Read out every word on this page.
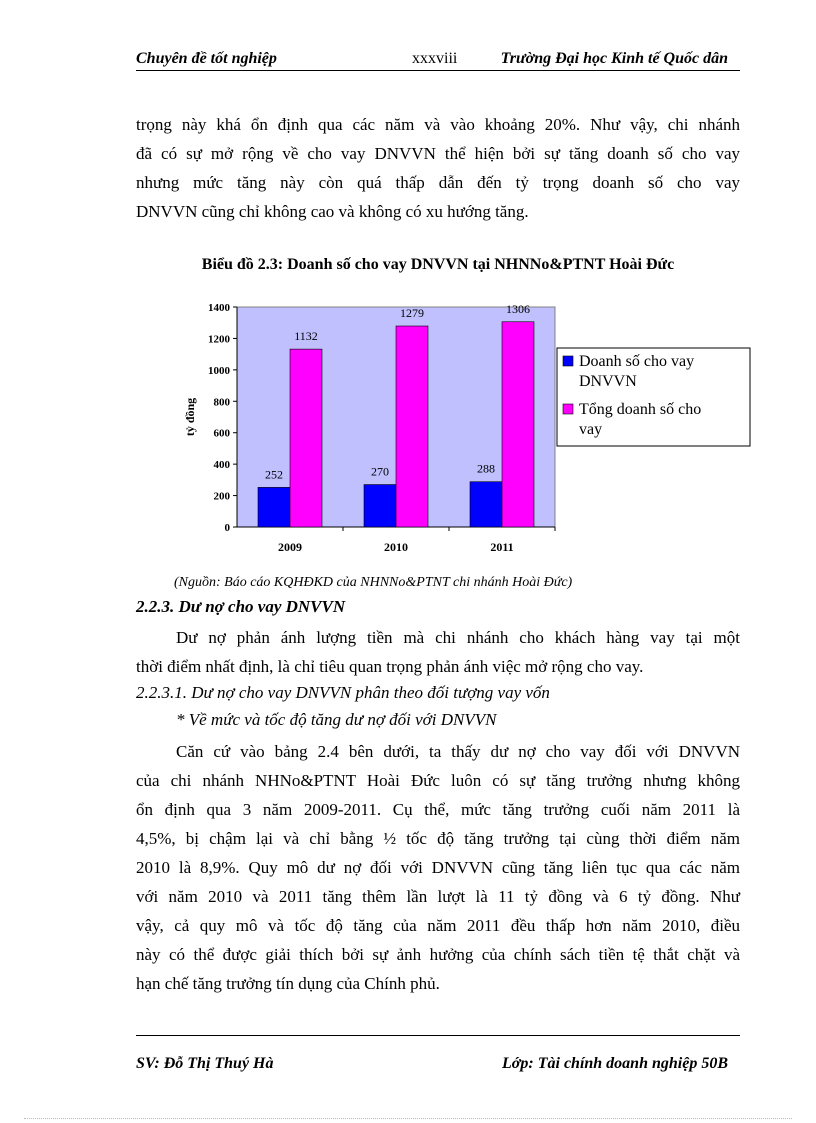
Chuyên đề tốt nghiệp	xxxviii	Trường Đại học Kinh tế Quốc dân
trọng này khá ổn định qua các năm và vào khoảng 20%. Như vậy, chi nhánh
đã có sự mở rộng về cho vay DNVVN thể hiện bởi sự tăng doanh số cho vay
nhưng mức tăng này còn quá thấp dẫn đến tỷ trọng doanh số cho vay
DNVVN cũng chỉ không cao và không có xu hướng tăng.
Biểu đồ 2.3: Doanh số cho vay DNVVN tại NHNNo&PTNT Hoài Đức
0
200
400
600
800
1000
1200
1400
tỷ đồng
252
1132
2009
270
1279
2010
288
1306
2011
Doanh số cho vay DNVVN
Tổng doanh số cho vay
(Nguồn: Báo cáo KQHĐKD của NHNNo&PTNT chi nhánh Hoài Đức)
2.2.3. Dư nợ cho vay DNVVN
Dư nợ phản ánh lượng tiền mà chi nhánh cho khách hàng vay tại một
thời điểm nhất định, là chỉ tiêu quan trọng phản ánh việc mở rộng cho vay.
2.2.3.1. Dư nợ cho vay DNVVN phân theo đối tượng vay vốn
* Về mức và tốc độ tăng dư nợ đối với DNVVN
Căn cứ vào bảng 2.4 bên dưới, ta thấy dư nợ cho vay đối với DNVVN
của chi nhánh NHNo&PTNT Hoài Đức luôn có sự tăng trưởng nhưng không
ổn định qua 3 năm 2009-2011. Cụ thể, mức tăng trưởng cuối năm 2011 là
4,5%, bị chậm lại và chỉ bằng ½ tốc độ tăng trưởng tại cùng thời điểm năm
2010 là 8,9%. Quy mô dư nợ đối với DNVVN cũng tăng liên tục qua các năm
với năm 2010 và 2011 tăng thêm lần lượt là 11 tỷ đồng và 6 tỷ đồng. Như
vậy, cả quy mô và tốc độ tăng của năm 2011 đều thấp hơn năm 2010, điều
này có thể được giải thích bởi sự ảnh hưởng của chính sách tiền tệ thắt chặt và
hạn chế tăng trưởng tín dụng của Chính phủ.
SV: Đỗ Thị Thuý Hà	Lớp: Tài chính doanh nghiệp 50B
